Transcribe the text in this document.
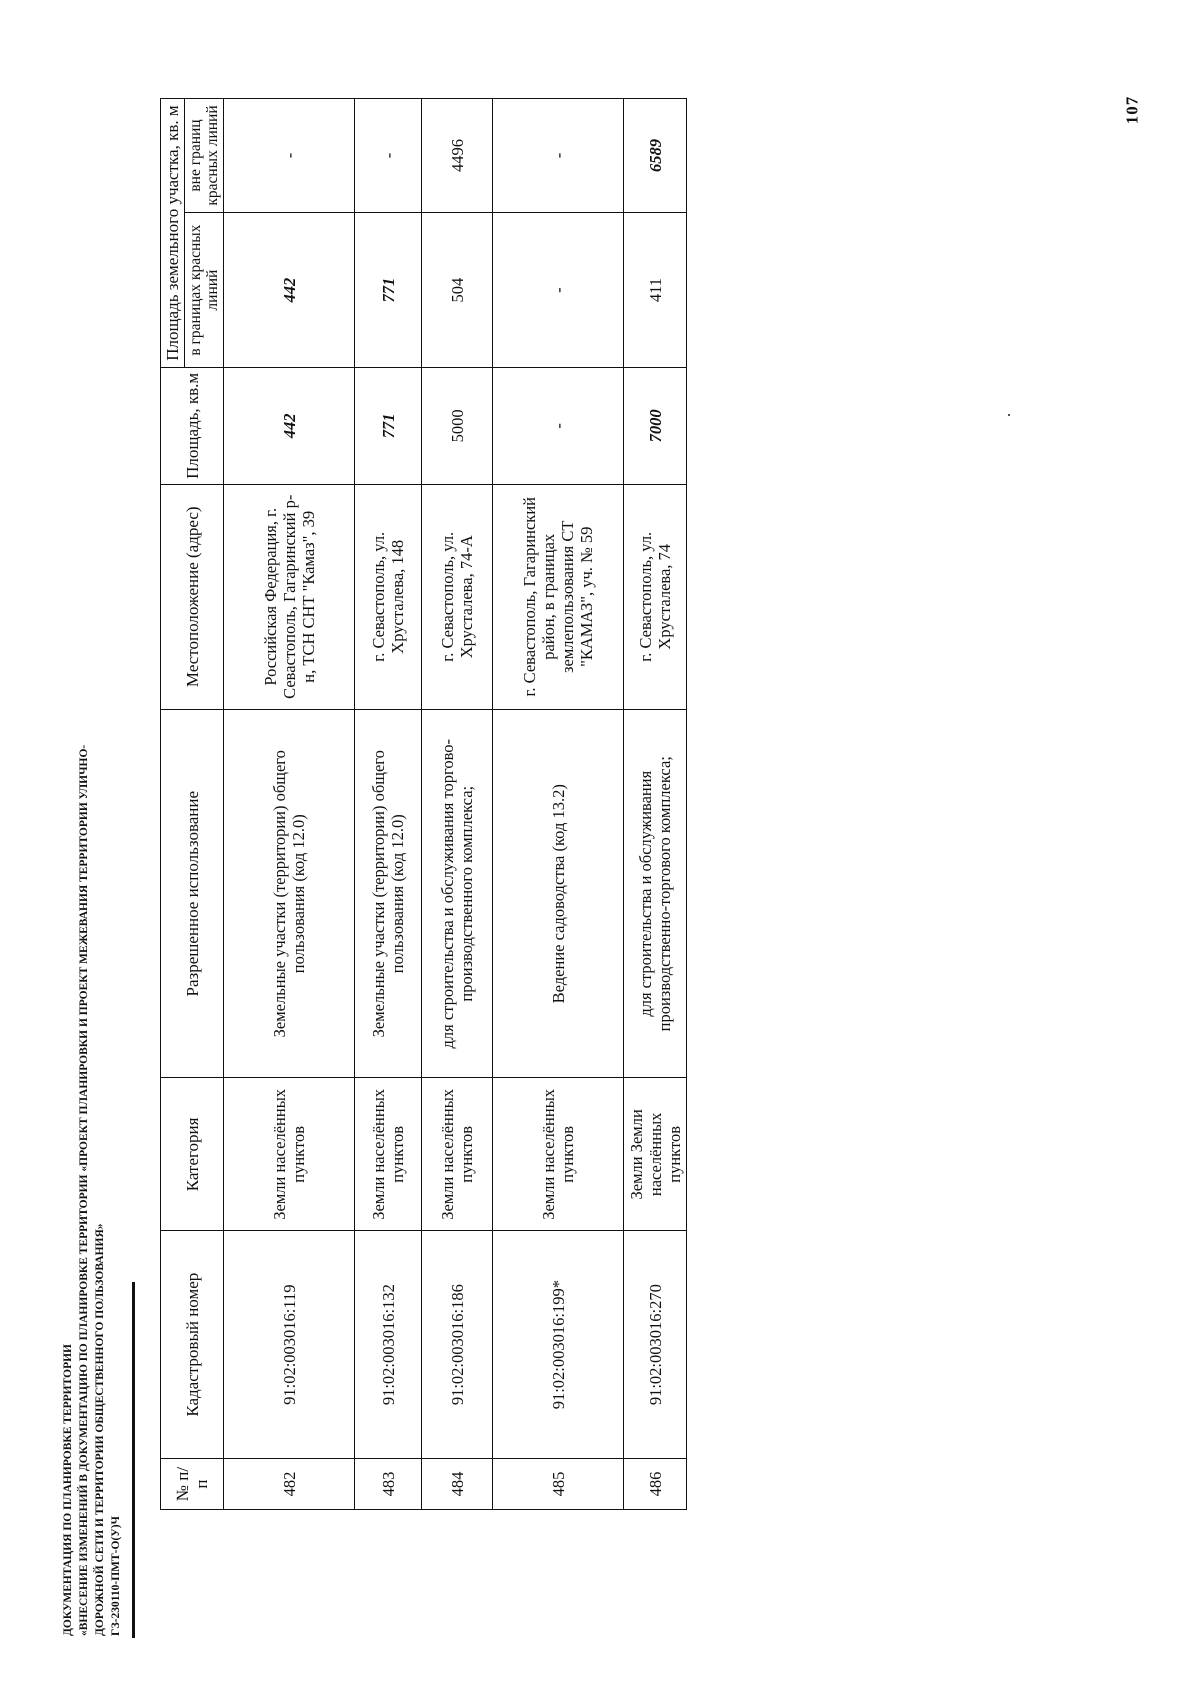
107
ДОКУМЕНТАЦИЯ ПО ПЛАНИРОВКЕ ТЕРРИТОРИИ «ВНЕСЕНИЕ ИЗМЕНЕНИЙ В ДОКУМЕНТАЦИЮ ПО ПЛАНИРОВКЕ ТЕРРИТОРИИ «ПРОЕКТ ПЛАНИРОВКИ И ПРОЕКТ МЕЖЕВАНИЯ ТЕРРИТОРИИ УЛИЧНО- ДОРОЖНОЙ СЕТИ И ТЕРРИТОРИИ ОБЩЕСТВЕННОГО ПОЛЬЗОВАНИЯ» ГЗ-230110-ПМТ-О(У)Ч
№ п/п	Кадастровый номер	Категория	Разрешенное использование	Местоположение (адрес)	Площадь, кв.м	Площадь земельного участка, кв. м	
						в границах красных линий	вне границ красных линий
482	91:02:003016:119	Земли населённых пунктов	Земельные участки (территории) общего пользования (код 12.0)	Российская Федерация, г. Севастополь, Гагаринский р-н, ТСН СНТ "Камаз", 39	442	442	-
483	91:02:003016:132	Земли населённых пунктов	Земельные участки (территории) общего пользования (код 12.0)	г. Севастополь, ул. Хрусталева, 148	771	771	-
484	91:02:003016:186	Земли населённых пунктов	для строительства и обслуживания торгово-производственного комплекса;	г. Севастополь, ул. Хрусталева, 74-А	5000	504	4496
485	91:02:003016:199*	Земли населённых пунктов	Ведение садоводства (код 13.2)	г. Севастополь, Гагаринский район, в границах землепользования СТ "КАМАЗ", уч. № 59	-	-	-
486	91:02:003016:270	Земли Земли населённых пунктов	для строительства и обслуживания производственно-торгового комплекса;	г. Севастополь, ул. Хрусталева, 74	7000	411	6589
